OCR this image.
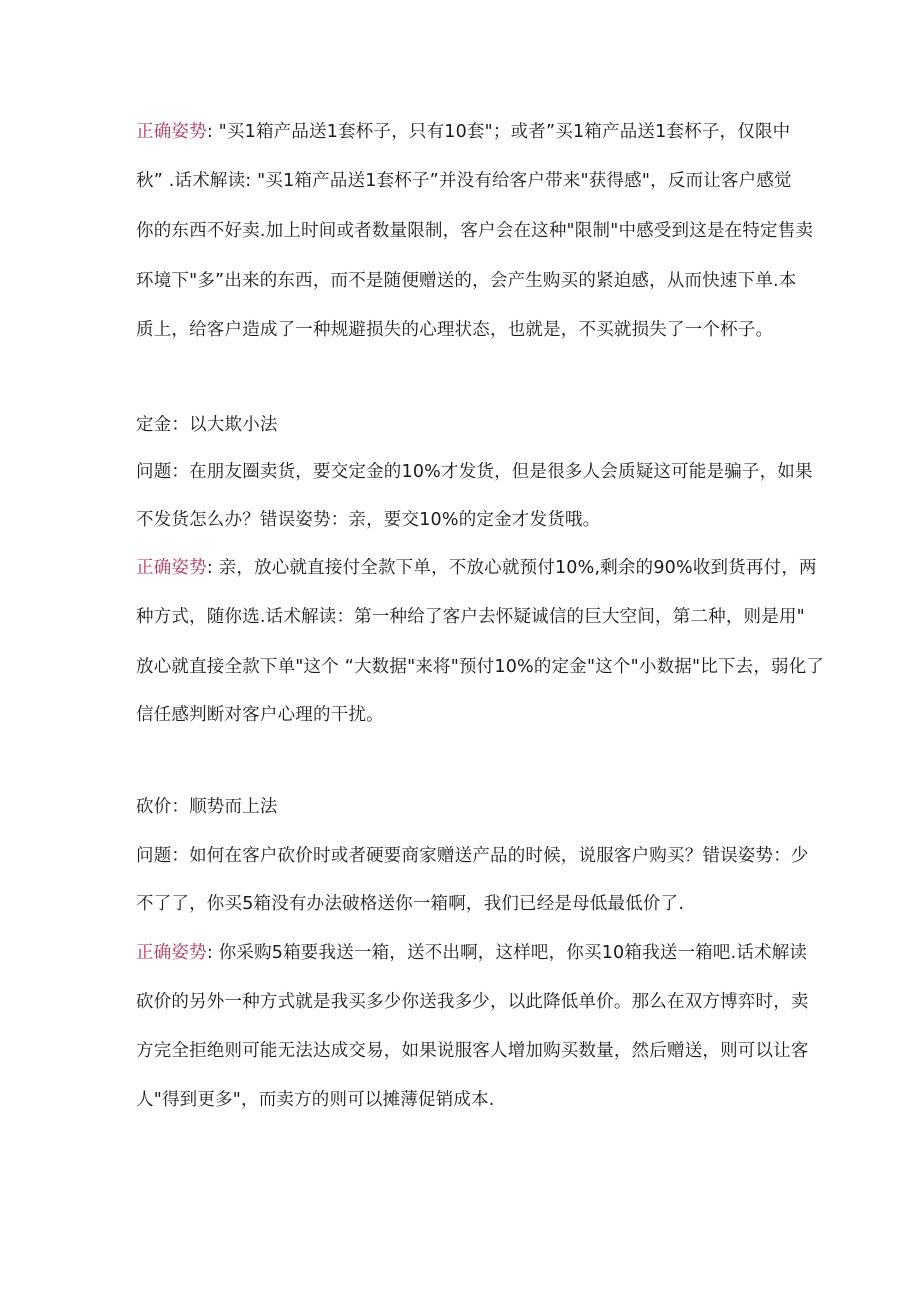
正确姿势: "买1箱产品送1套杯子，只有10套"；或者”买1箱产品送1套杯子，仅限中
秋” .话术解读: "买1箱产品送1套杯子”并没有给客户带来"获得感"，反而让客户感觉
你的东西不好卖.加上时间或者数量限制，客户会在这种"限制"中感受到这是在特定售卖
环境下"多”出来的东西，而不是随便赠送的，会产生购买的紧迫感，从而快速下单.本
质上，给客户造成了一种规避损失的心理状态，也就是，不买就损失了一个杯子。
定金：以大欺小法
问题：在朋友圈卖货，要交定金的10%才发货，但是很多人会质疑这可能是骗子，如果
不发货怎么办？错误姿势：亲，要交10%的定金才发货哦。
正确姿势: 亲，放心就直接付全款下单，不放心就预付10%,剩余的90%收到货再付，两
种方式，随你选.话术解读：第一种给了客户去怀疑诚信的巨大空间，第二种，则是用"
放心就直接全款下单"这个 “大数据"来将"预付10%的定金"这个"小数据"比下去，弱化了
信任感判断对客户心理的干扰。
砍价：顺势而上法
问题：如何在客户砍价时或者硬要商家赠送产品的时候，说服客户购买？错误姿势：少
不了了，你买5箱没有办法破格送你一箱啊，我们已经是母低最低价了.
正确姿势: 你采购5箱要我送一箱，送不出啊，这样吧，你买10箱我送一箱吧.话术解读
砍价的另外一种方式就是我买多少你送我多少，以此降低单价。那么在双方博弈时，卖
方完全拒绝则可能无法达成交易，如果说服客人增加购买数量，然后赠送，则可以让客
人"得到更多"，而卖方的则可以摊薄促销成本.
